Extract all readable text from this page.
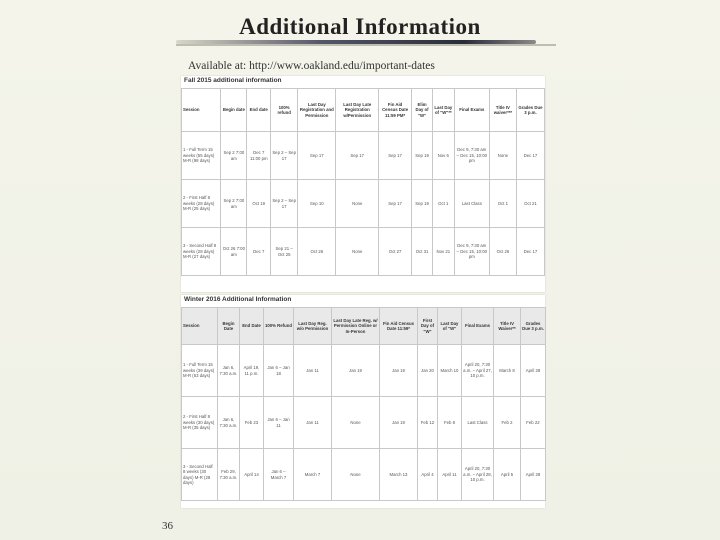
Additional Information
Available at: http://www.oakland.edu/important-dates
Fall 2015 additional information
Session	Begin date	End date	100% refund	Last Day Registration and Permission	Last Day Late Registration w/Permission	Fin Aid Census Date 11:59 PM*	Elim Day of "W"	Last Day of "W"**	Final Exams	Title IV waiver***	Grades Due 3 p.m.
1 - Full Term 15 weeks (55 days) M-R (98 days)	Sep 2 7:00 am	Dec 7 11:00 pm	Sep 2 – Sep 17	Sep 17	Sep 17	Sep 17	Sep 19	Nov 6	Dec 9, 7:30 am – Dec 15, 10:00 pm	None	Dec 17
2 - First Half 8 weeks (28 days) M-R (25 days)	Sep 2 7:00 am	Oct 19	Sep 2 – Sep 17	Sep 10	None	Sep 17	Sep 19	Oct 1	Last Class	Oct 1	Oct 21
3 - Second Half 8 weeks (28 days) M-R (27 days)	Oct 26 7:00 am	Dec 7	Sep 21 – Oct 25	Oct 26	None	Oct 27	Oct 31	Nov 21	Dec 9, 7:30 am – Dec 15, 10:00 pm	Oct 26	Dec 17
Winter 2016 Additional Information
Session	Begin Date	End Date	100% Refund	Last Day Reg. w/o Permission	Last Day Late Reg. w/ Permission Online or In-Person	Fin Aid Census Date 11:59*	First Day of "W"	Last Day of "W"	Final Exams	Title IV Waiver**	Grades Due 3 p.m.
1 - Full Term 15 weeks (39 days) M-R (63 days)	Jan 6, 7:30 a.m.	April 19, 11 p.m.	Jan 6 – Jan 18	Jan 11	Jan 19	Jan 19	Jan 20	March 10	April 20, 7:30 a.m. – April 27, 10 p.m.	March 8	April 28
2 - First Half 8 weeks (30 days) M-R (35 days)	Jan 6, 7:30 a.m.	Feb 23	Jan 6 – Jan 11	Jan 11	None	Jan 19	Feb 12	Feb 8	Last Class	Feb 2	Feb 22
3 - Second Half 8 weeks (30 days) M-R (28 days)	Feb 29, 7:30 a.m.	April 14	Jan 6 – March 7	March 7	None	March 13	April 4	April 11	April 20, 7:30 a.m. – April 28, 10 p.m.	April 5	April 28
36
